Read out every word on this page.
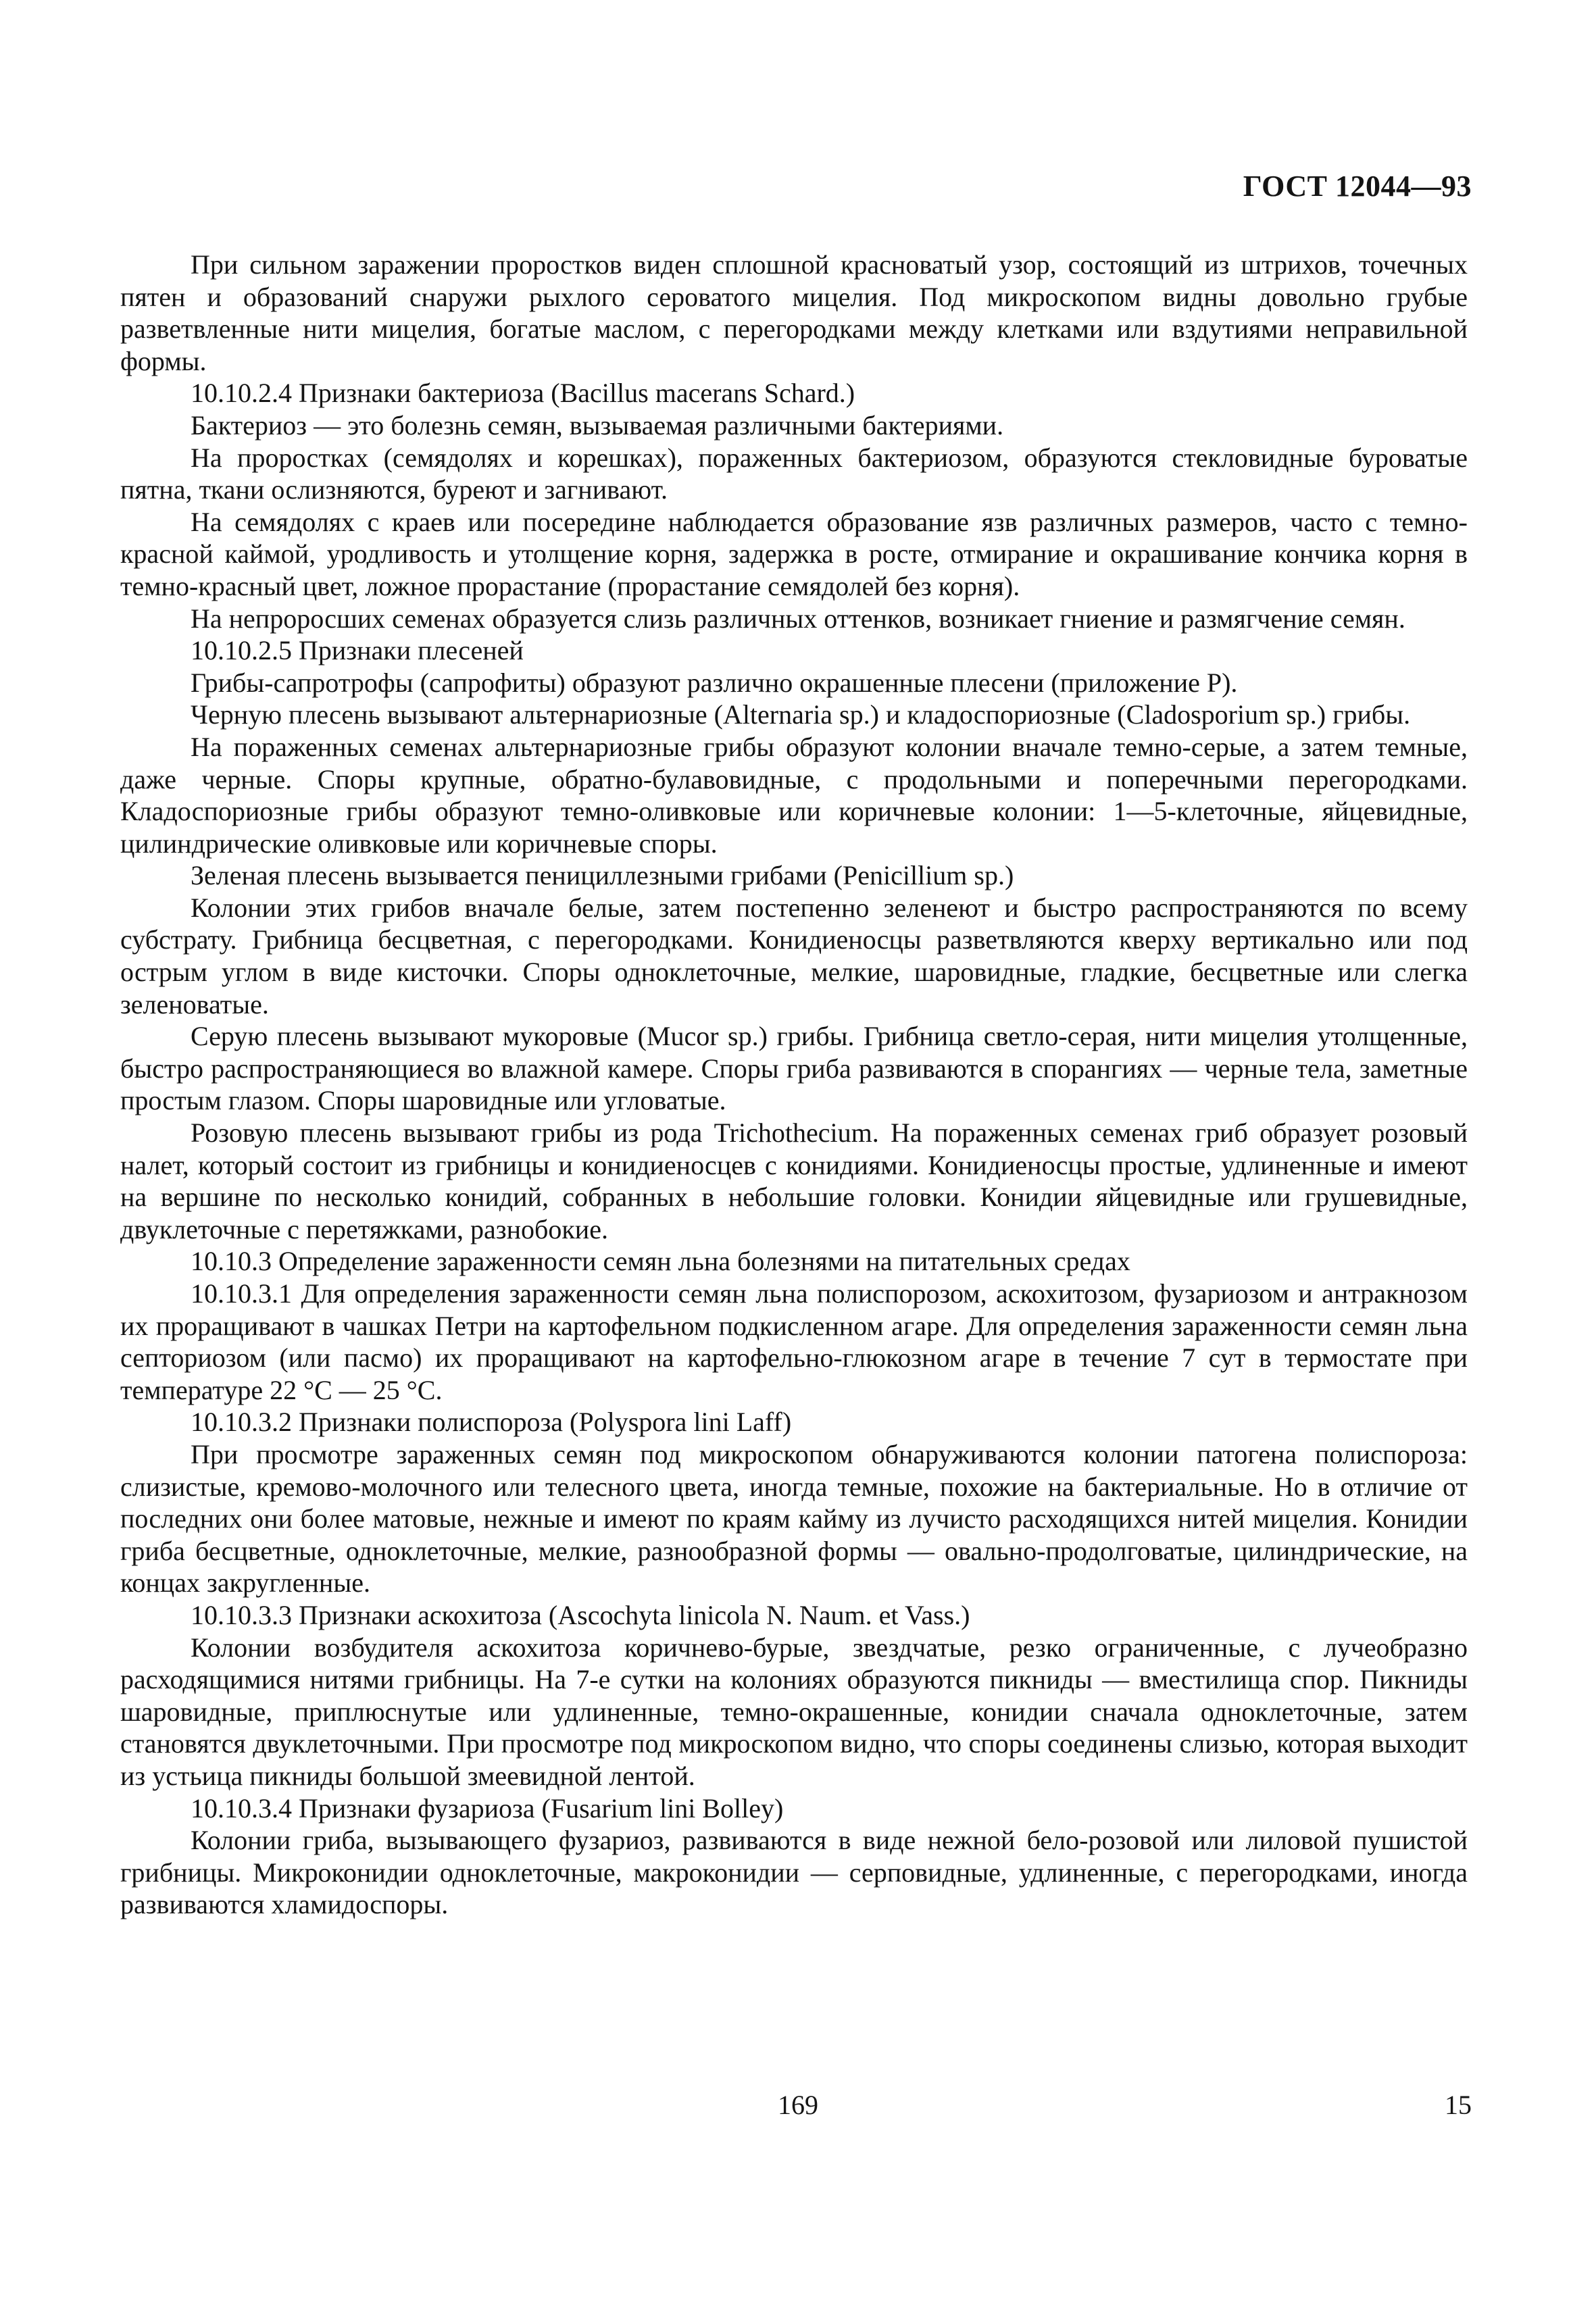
ГОСТ 12044—93

При сильном заражении проростков виден сплошной красноватый узор, состоящий из штрихов, точечных пятен и образований снаружи рыхлого сероватого мицелия. Под микроскопом видны довольно грубые разветвленные нити мицелия, богатые маслом, с перегородками между клетками или вздутиями неправильной формы.

10.10.2.4 Признаки бактериоза (Bacillus macerans Schard.)

Бактериоз — это болезнь семян, вызываемая различными бактериями.

На проростках (семядолях и корешках), пораженных бактериозом, образуются стекловидные буроватые пятна, ткани ослизняются, буреют и загнивают.

На семядолях с краев или посередине наблюдается образование язв различных размеров, часто с темно-красной каймой, уродливость и утолщение корня, задержка в росте, отмирание и окрашивание кончика корня в темно-красный цвет, ложное прорастание (прорастание семядолей без корня).

На непроросших семенах образуется слизь различных оттенков, возникает гниение и размягчение семян.

10.10.2.5 Признаки плесеней

Грибы-сапротрофы (сапрофиты) образуют различно окрашенные плесени (приложение Р).

Черную плесень вызывают альтернариозные (Alternaria sp.) и кладоспориозные (Cladosporium sp.) грибы.

На пораженных семенах альтернариозные грибы образуют колонии вначале темно-серые, а затем темные, даже черные. Споры крупные, обратно-булавовидные, с продольными и поперечными перегородками. Кладоспориозные грибы образуют темно-оливковые или коричневые колонии: 1—5-клеточные, яйцевидные, цилиндрические оливковые или коричневые споры.

Зеленая плесень вызывается пенициллезными грибами (Penicillium sp.)

Колонии этих грибов вначале белые, затем постепенно зеленеют и быстро распространяются по всему субстрату. Грибница бесцветная, с перегородками. Конидиеносцы разветвляются кверху вертикально или под острым углом в виде кисточки. Споры одноклеточные, мелкие, шаровидные, гладкие, бесцветные или слегка зеленоватые.

Серую плесень вызывают мукоровые (Mucor sp.) грибы. Грибница светло-серая, нити мицелия утолщенные, быстро распространяющиеся во влажной камере. Споры гриба развиваются в спорангиях — черные тела, заметные простым глазом. Споры шаровидные или угловатые.

Розовую плесень вызывают грибы из рода Trichothecium. На пораженных семенах гриб образует розовый налет, который состоит из грибницы и конидиеносцев с конидиями. Конидиеносцы простые, удлиненные и имеют на вершине по несколько конидий, собранных в небольшие головки. Конидии яйцевидные или грушевидные, двуклеточные с перетяжками, разнобокие.

10.10.3 Определение зараженности семян льна болезнями на питательных средах

10.10.3.1 Для определения зараженности семян льна полиспорозом, аскохитозом, фузариозом и антракнозом их проращивают в чашках Петри на картофельном подкисленном агаре. Для определения зараженности семян льна септориозом (или пасмо) их проращивают на картофельно-глюкозном агаре в течение 7 сут в термостате при температуре 22 °С — 25 °С.

10.10.3.2 Признаки полиспороза (Polyspora lini Laff)

При просмотре зараженных семян под микроскопом обнаруживаются колонии патогена полиспороза: слизистые, кремово-молочного или телесного цвета, иногда темные, похожие на бактериальные. Но в отличие от последних они более матовые, нежные и имеют по краям кайму из лучисто расходящихся нитей мицелия. Конидии гриба бесцветные, одноклеточные, мелкие, разнообразной формы — овально-продолговатые, цилиндрические, на концах закругленные.

10.10.3.3 Признаки аскохитоза (Ascochyta linicola N. Naum. et Vass.)

Колонии возбудителя аскохитоза коричнево-бурые, звездчатые, резко ограниченные, с лучеобразно расходящимися нитями грибницы. На 7-е сутки на колониях образуются пикниды — вместилища спор. Пикниды шаровидные, приплюснутые или удлиненные, темно-окрашенные, конидии сначала одноклеточные, затем становятся двуклеточными. При просмотре под микроскопом видно, что споры соединены слизью, которая выходит из устьица пикниды большой змеевидной лентой.

10.10.3.4 Признаки фузариоза (Fusarium lini Bolley)

Колонии гриба, вызывающего фузариоз, развиваются в виде нежной бело-розовой или лиловой пушистой грибницы. Микроконидии одноклеточные, макроконидии — серповидные, удлиненные, с перегородками, иногда развиваются хламидоспоры.

169	15
